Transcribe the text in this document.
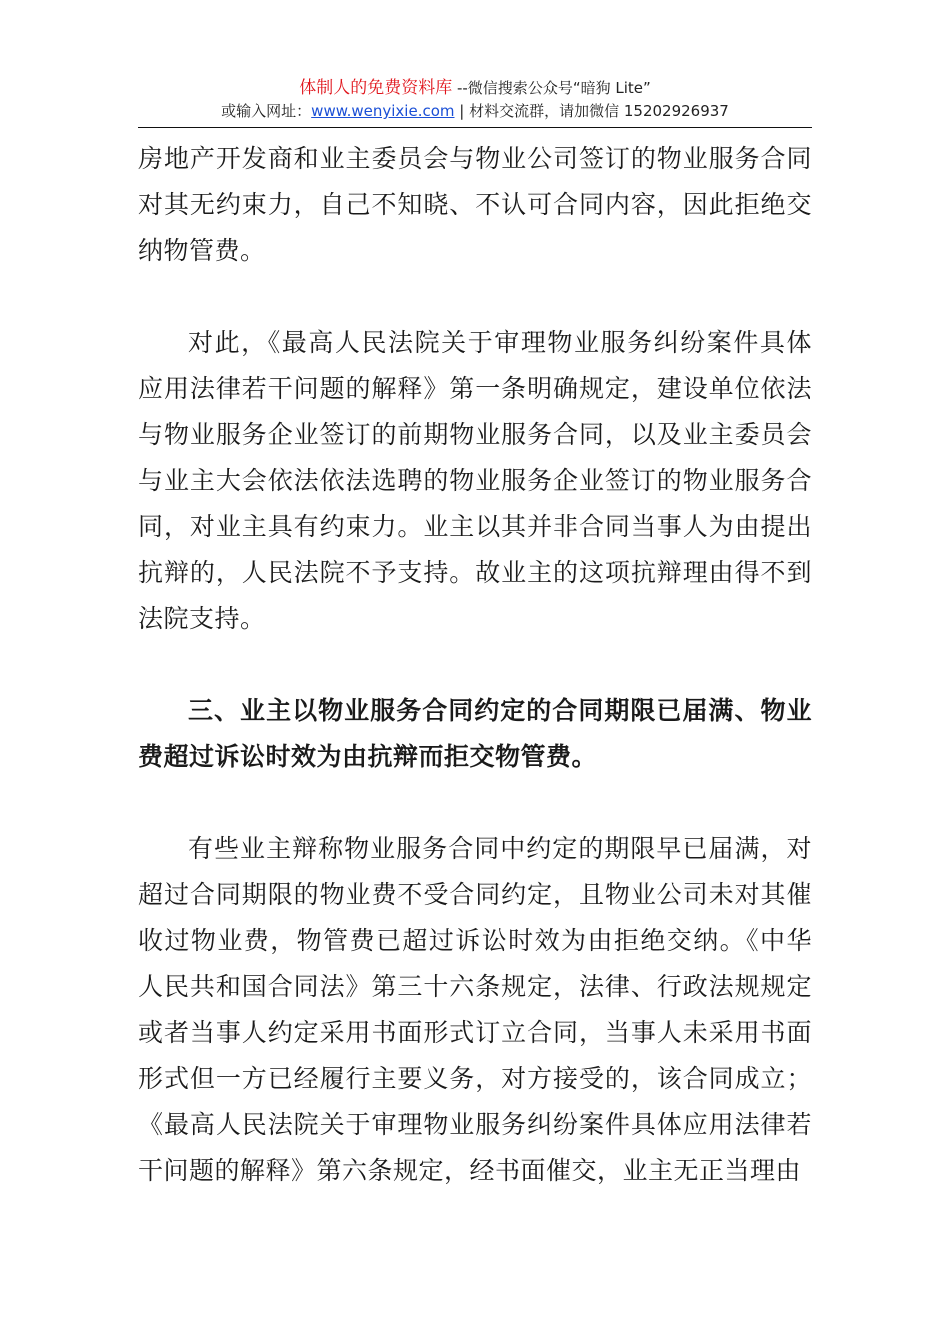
体制人的免费资料库 --微信搜索公众号“暗狗 Lite”
或输入网址：www.wenyixie.com | 材料交流群，请加微信 15202926937

房地产开发商和业主委员会与物业公司签订的物业服务合同对其无约束力，自己不知晓、不认可合同内容，因此拒绝交纳物管费。

对此，《最高人民法院关于审理物业服务纠纷案件具体应用法律若干问题的解释》第一条明确规定，建设单位依法与物业服务企业签订的前期物业服务合同，以及业主委员会与业主大会依法依法选聘的物业服务企业签订的物业服务合同，对业主具有约束力。业主以其并非合同当事人为由提出抗辩的，人民法院不予支持。故业主的这项抗辩理由得不到法院支持。

三、业主以物业服务合同约定的合同期限已届满、物业费超过诉讼时效为由抗辩而拒交物管费。

有些业主辩称物业服务合同中约定的期限早已届满，对超过合同期限的物业费不受合同约定，且物业公司未对其催收过物业费，物管费已超过诉讼时效为由拒绝交纳。《中华人民共和国合同法》第三十六条规定，法律、行政法规规定或者当事人约定采用书面形式订立合同，当事人未采用书面形式但一方已经履行主要义务，对方接受的，该合同成立；《最高人民法院关于审理物业服务纠纷案件具体应用法律若干问题的解释》第六条规定，经书面催交，业主无正当理由
